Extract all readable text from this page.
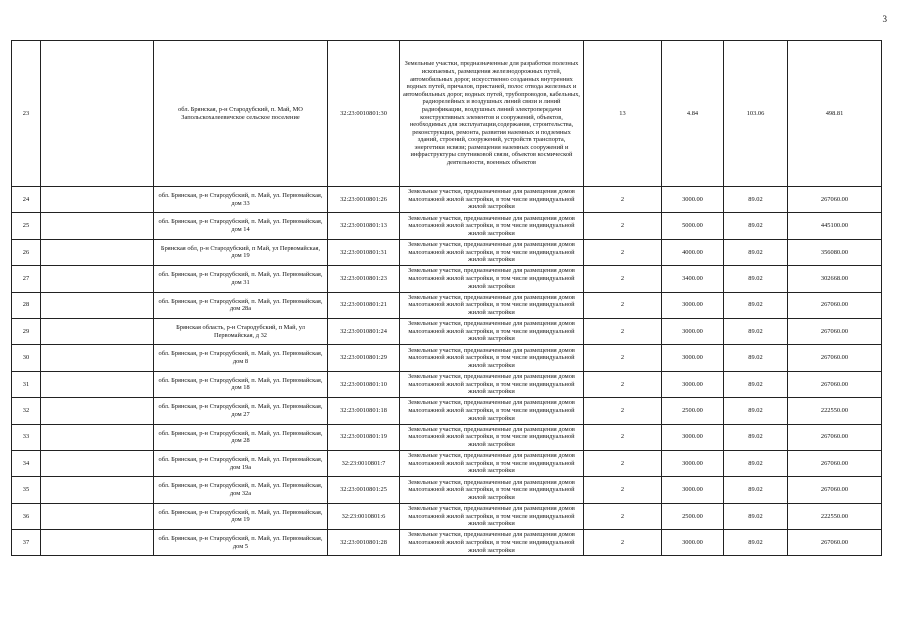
3
23		обл. Брянская, р-н Стародубский, п. Май, МО Запольскохалеевичское сельское поселение	32:23:0010801:30	Земельные участки, предназначенные для разработки полезных ископаемых, размещения железнодорожных путей, автомобильных дорог, искусственно созданных внутренних водных путей, причалов, пристаней, полос отвода железных и автомобильных дорог, водных путей, трубопроводов, кабельных, радиорелейных и воздушных линий связи и линий радиофикации, воздушных линий электропередачи конструктивных элементов и сооружений, объектов, необходимых для эксплуатации,содержания, строительства, реконструкции, ремонта, развития наземных и подземных зданий, строений, сооружений, устройств транспорта, энергетики нсвязи; размещения наземных сооружений и инфраструктуры спутниковой связи, объектов космической деятельности, военных объектов	13	4.84	103.06	498.81
24		обл. Брянская, р-н Стародубский, п. Май, ул. Первомайская, дом 33	32:23:0010801:26	Земельные участки, предназначенные для размещения домов малоэтажной жилой застройки, в том числе индивидуальной жилой застройки	2	3000.00	89.02	267060.00
25		обл. Брянская, р-н Стародубский, п. Май, ул. Первомайская, дом 14	32:23:0010801:13	Земельные участки, предназначенные для размещения домов малоэтажной жилой застройки, в том числе индивидуальной жилой застройки	2	5000.00	89.02	445100.00
26		Брянская обл, р-н Стародубский, п Май, ул Первомайская, дом 19	32:23:0010801:31	Земельные участки, предназначенные для размещения домов малоэтажной жилой застройки, в том числе индивидуальной жилой застройки	2	4000.00	89.02	356080.00
27		обл. Брянская, р-н Стародубский, п. Май, ул. Первомайская, дом 31	32:23:0010801:23	Земельные участки, предназначенные для размещения домов малоэтажной жилой застройки, в том числе индивидуальной жилой застройки	2	3400.00	89.02	302668.00
28		обл. Брянская, р-н Стародубский, п. Май, ул. Первомайская, дом 28а	32:23:0010801:21	Земельные участки, предназначенные для размещения домов малоэтажной жилой застройки, в том числе индивидуальной жилой застройки	2	3000.00	89.02	267060.00
29		Брянская область, р-н Стародубский, п Май, ул Первомайская, д 32	32:23:0010801:24	Земельные участки, предназначенные для размещения домов малоэтажной жилой застройки, в том числе индивидуальной жилой застройки	2	3000.00	89.02	267060.00
30		обл. Брянская, р-н Стародубский, п. Май, ул. Первомайская, дом 8	32:23:0010801:29	Земельные участки, предназначенные для размещения домов малоэтажной жилой застройки, в том числе индивидуальной жилой застройки	2	3000.00	89.02	267060.00
31		обл. Брянская, р-н Стародубский, п. Май, ул. Первомайская, дом 18	32:23:0010801:10	Земельные участки, предназначенные для размещения домов малоэтажной жилой застройки, в том числе индивидуальной жилой застройки	2	3000.00	89.02	267060.00
32		обл. Брянская, р-н Стародубский, п. Май, ул. Первомайская, дом 27	32:23:0010801:18	Земельные участки, предназначенные для размещения домов малоэтажной жилой застройки, в том числе индивидуальной жилой застройки	2	2500.00	89.02	222550.00
33		обл. Брянская, р-н Стародубский, п. Май, ул. Первомайская, дом 28	32:23:0010801:19	Земельные участки, предназначенные для размещения домов малоэтажной жилой застройки, в том числе индивидуальной жилой застройки	2	3000.00	89.02	267060.00
34		обл. Брянская, р-н Стародубский, п. Май, ул. Первомайская, дом 19а	32:23:0010801:7	Земельные участки, предназначенные для размещения домов малоэтажной жилой застройки, в том числе индивидуальной жилой застройки	2	3000.00	89.02	267060.00
35		обл. Брянская, р-н Стародубский, п. Май, ул. Первомайская, дом 32а	32:23:0010801:25	Земельные участки, предназначенные для размещения домов малоэтажной жилой застройки, в том числе индивидуальной жилой застройки	2	3000.00	89.02	267060.00
36		обл. Брянская, р-н Стародубский, п. Май, ул. Первомайская, дом 19	32:23:0010801:6	Земельные участки, предназначенные для размещения домов малоэтажной жилой застройки, в том числе индивидуальной жилой застройки	2	2500.00	89.02	222550.00
37		обл. Брянская, р-н Стародубский, п. Май, ул. Первомайская, дом 5	32:23:0010801:28	Земельные участки, предназначенные для размещения домов малоэтажной жилой застройки, в том числе индивидуальной жилой застройки	2	3000.00	89.02	267060.00
